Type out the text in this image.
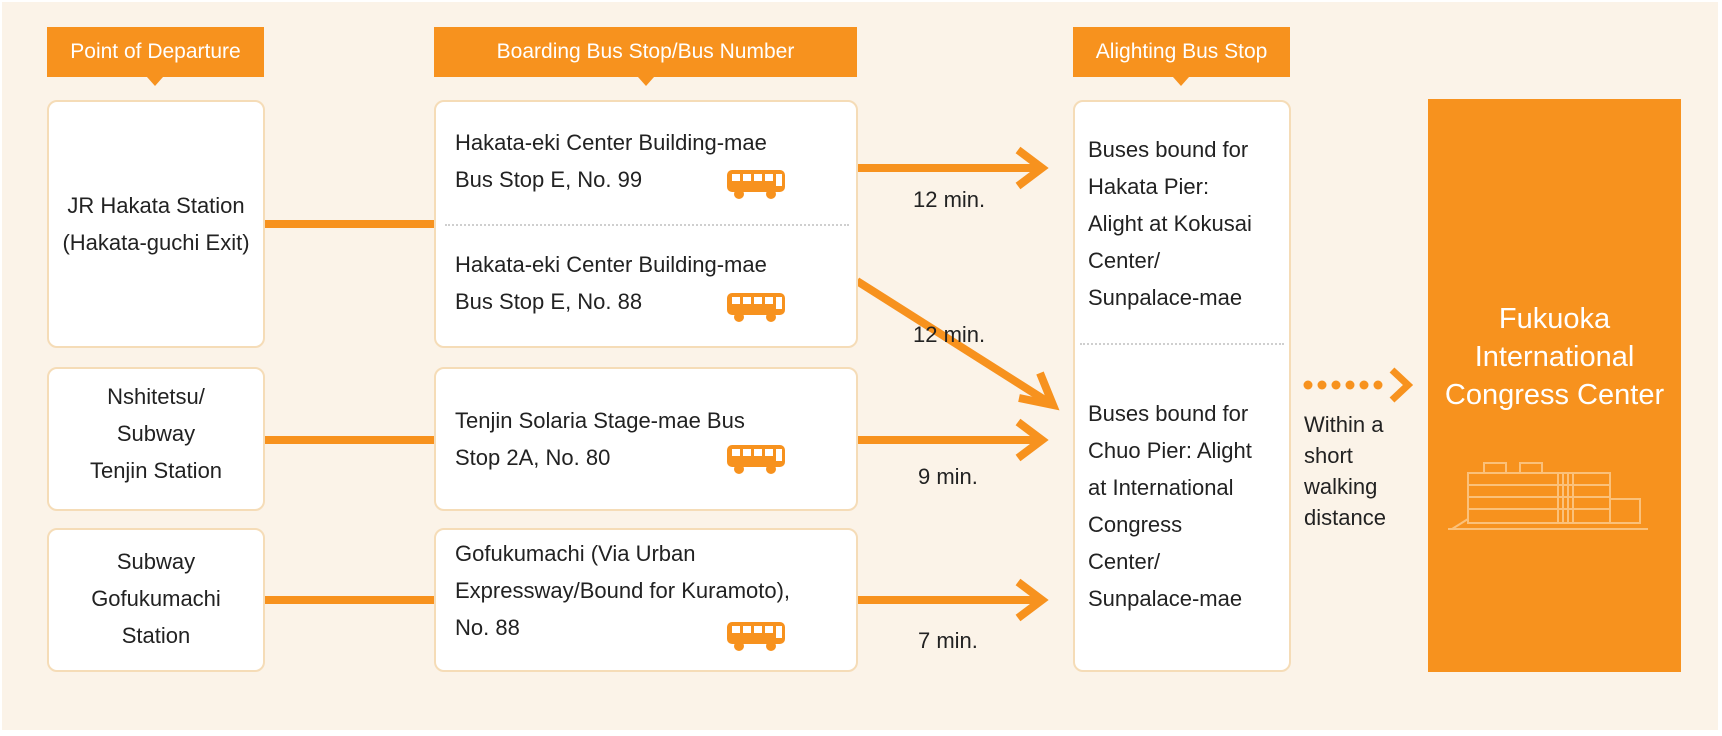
Point of Departure	Boarding Bus Stop/Bus Number	Alighting Bus Stop
JR Hakata Station
(Hakata-guchi Exit)
Nshitetsu/
Subway
Tenjin Station
Subway
Gofukumachi
Station
Hakata-eki Center Building-mae
Bus Stop E, No. 99
Hakata-eki Center Building-mae
Bus Stop E, No. 88
Tenjin Solaria Stage-mae Bus
Stop 2A, No. 80
Gofukumachi (Via Urban
Expressway/Bound for Kuramoto),
No. 88
12 min.
12 min.
9 min.
7 min.
Buses bound for
Hakata Pier:
Alight at Kokusai
Center/
Sunpalace-mae
Buses bound for
Chuo Pier: Alight
at International
Congress
Center/
Sunpalace-mae
Within a
short
walking
distance
Fukuoka
International
Congress Center
